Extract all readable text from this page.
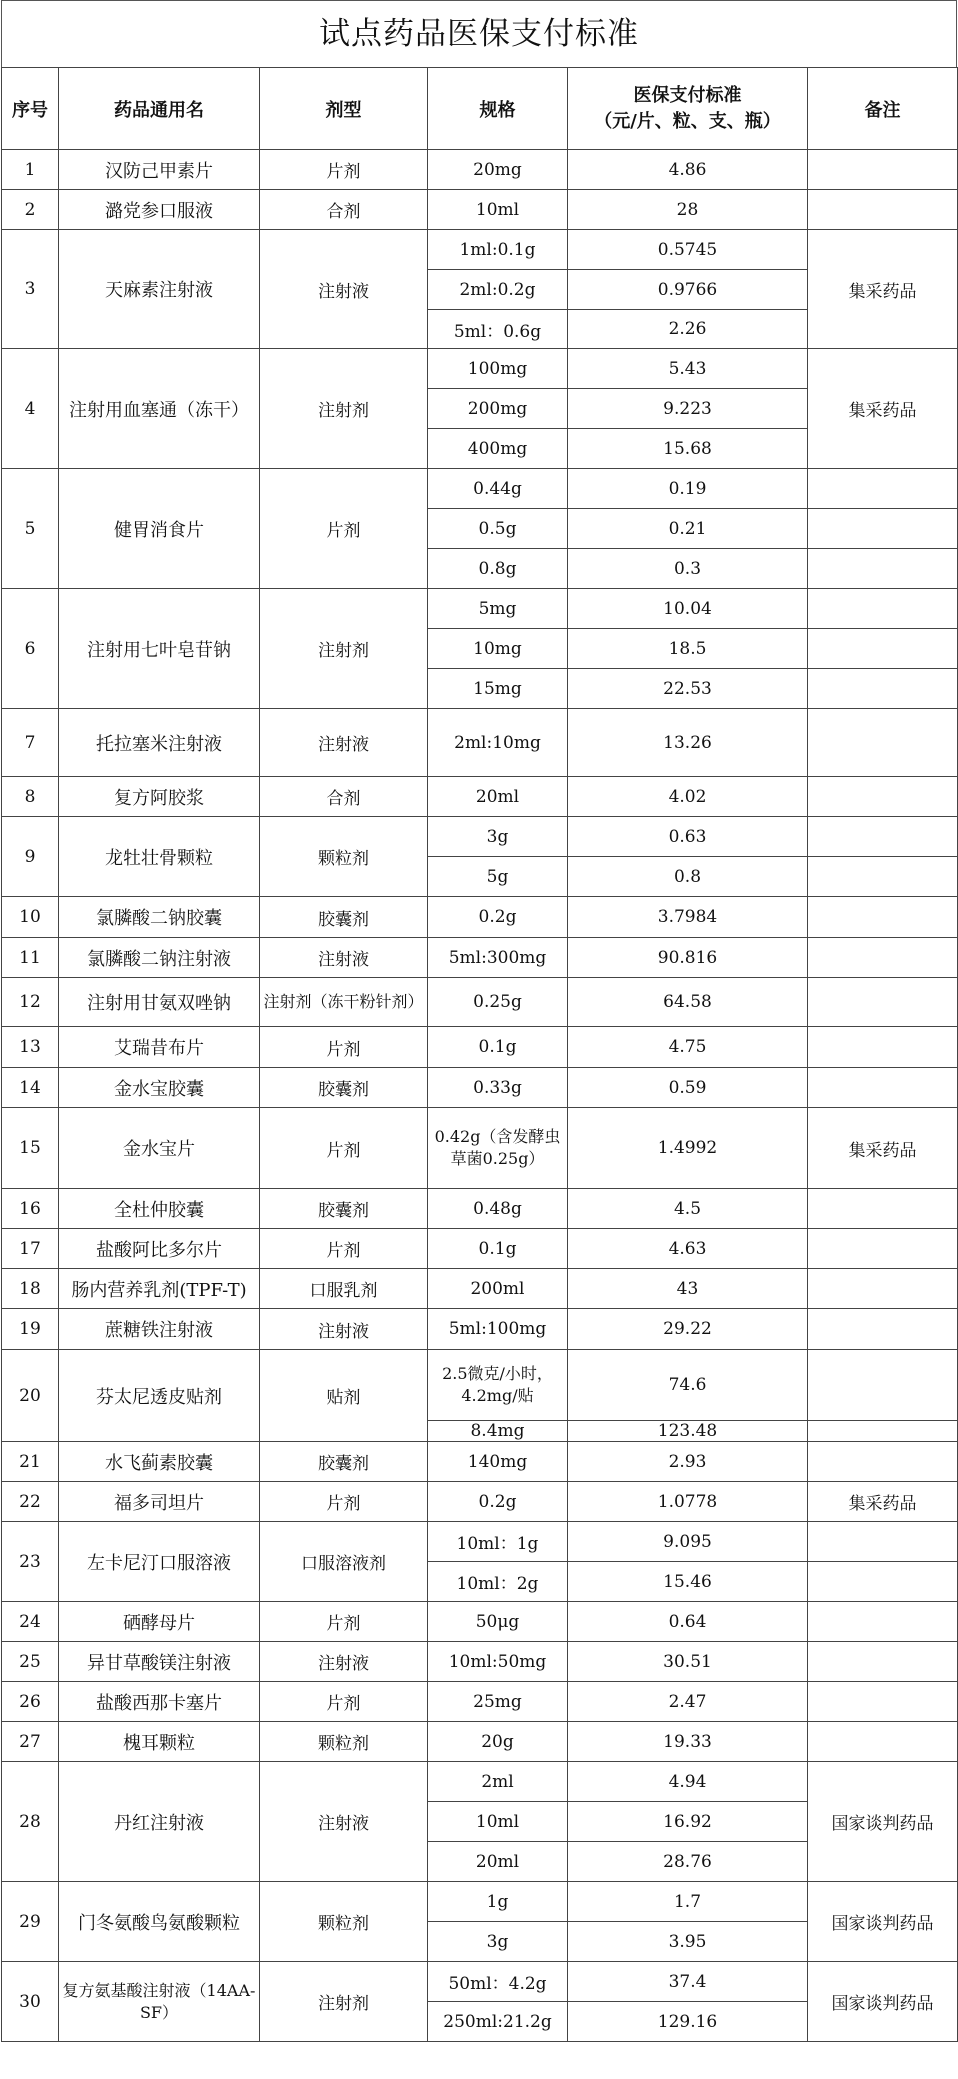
试点药品医保支付标准
序号	药品通用名	剂型	规格	医保支付标准
（元/片、粒、支、瓶）	备注
1	汉防己甲素片	片剂	20mg	4.86	
2	潞党参口服液	合剂	10ml	28	
3	天麻素注射液	注射液	1ml:0.1g	0.5745	集采药品
			2ml:0.2g	0.9766	
			5ml：0.6g	2.26	
4	注射用血塞通（冻干）	注射剂	100mg	5.43	集采药品
			200mg	9.223	
			400mg	15.68	
5	健胃消食片	片剂	0.44g	0.19	
			0.5g	0.21	
			0.8g	0.3	
6	注射用七叶皂苷钠	注射剂	5mg	10.04	
			10mg	18.5	
			15mg	22.53	
7	托拉塞米注射液	注射液	2ml:10mg	13.26	
8	复方阿胶浆	合剂	20ml	4.02	
9	龙牡壮骨颗粒	颗粒剂	3g	0.63	
			5g	0.8	
10	氯膦酸二钠胶囊	胶囊剂	0.2g	3.7984	
11	氯膦酸二钠注射液	注射液	5ml:300mg	90.816	
12	注射用甘氨双唑钠	注射剂（冻干粉针剂）	0.25g	64.58	
13	艾瑞昔布片	片剂	0.1g	4.75	
14	金水宝胶囊	胶囊剂	0.33g	0.59	
15	金水宝片	片剂	0.42g（含发酵虫草菌0.25g）	1.4992	集采药品
16	全杜仲胶囊	胶囊剂	0.48g	4.5	
17	盐酸阿比多尔片	片剂	0.1g	4.63	
18	肠内营养乳剂(TPF-T)	口服乳剂	200ml	43	
19	蔗糖铁注射液	注射液	5ml:100mg	29.22	
20	芬太尼透皮贴剂	贴剂	2.5微克/小时，4.2mg/贴	74.6	
			8.4mg	123.48	
21	水飞蓟素胶囊	胶囊剂	140mg	2.93	
22	福多司坦片	片剂	0.2g	1.0778	集采药品
23	左卡尼汀口服溶液	口服溶液剂	10ml：1g	9.095	
			10ml：2g	15.46	
24	硒酵母片	片剂	50μg	0.64	
25	异甘草酸镁注射液	注射液	10ml:50mg	30.51	
26	盐酸西那卡塞片	片剂	25mg	2.47	
27	槐耳颗粒	颗粒剂	20g	19.33	
28	丹红注射液	注射液	2ml	4.94	国家谈判药品
			10ml	16.92	
			20ml	28.76	
29	门冬氨酸鸟氨酸颗粒	颗粒剂	1g	1.7	国家谈判药品
			3g	3.95	
30	复方氨基酸注射液（14AA-SF）	注射剂	50ml：4.2g	37.4	国家谈判药品
			250ml:21.2g	129.16	
